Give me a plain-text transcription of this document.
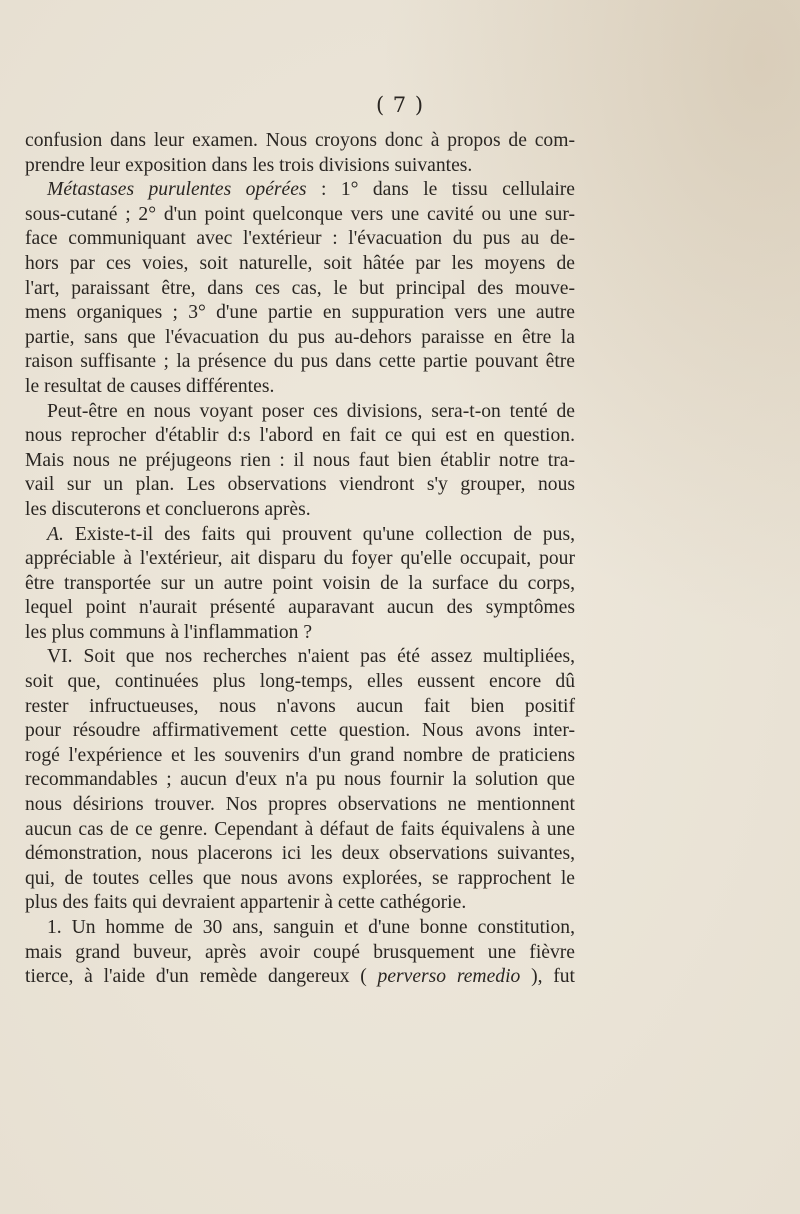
( 7 )
confusion dans leur examen. Nous croyons donc à propos de com-
prendre leur exposition dans les trois divisions suivantes.
Métastases purulentes opérées : 1° dans le tissu cellulaire
sous-cutané ; 2° d'un point quelconque vers une cavité ou une sur-
face communiquant avec l'extérieur : l'évacuation du pus au de-
hors par ces voies, soit naturelle, soit hâtée par les moyens de
l'art, paraissant être, dans ces cas, le but principal des mouve-
mens organiques ; 3° d'une partie en suppuration vers une autre
partie, sans que l'évacuation du pus au-dehors paraisse en être la
raison suffisante ; la présence du pus dans cette partie pouvant être
le resultat de causes différentes.
Peut-être en nous voyant poser ces divisions, sera-t-on tenté de
nous reprocher d'établir d:s l'abord en fait ce qui est en question.
Mais nous ne préjugeons rien : il nous faut bien établir notre tra-
vail sur un plan. Les observations viendront s'y grouper, nous
les discuterons et concluerons après.
A. Existe-t-il des faits qui prouvent qu'une collection de pus,
appréciable à l'extérieur, ait disparu du foyer qu'elle occupait, pour
être transportée sur un autre point voisin de la surface du corps,
lequel point n'aurait présenté auparavant aucun des symptômes
les plus communs à l'inflammation ?
VI. Soit que nos recherches n'aient pas été assez multipliées,
soit que, continuées plus long-temps, elles eussent encore dû
rester infructueuses, nous n'avons aucun fait bien positif
pour résoudre affirmativement cette question. Nous avons inter-
rogé l'expérience et les souvenirs d'un grand nombre de praticiens
recommandables ; aucun d'eux n'a pu nous fournir la solution que
nous désirions trouver. Nos propres observations ne mentionnent
aucun cas de ce genre. Cependant à défaut de faits équivalens à une
démonstration, nous placerons ici les deux observations suivantes,
qui, de toutes celles que nous avons explorées, se rapprochent le
plus des faits qui devraient appartenir à cette cathégorie.
1. Un homme de 30 ans, sanguin et d'une bonne constitution,
mais grand buveur, après avoir coupé brusquement une fièvre
tierce, à l'aide d'un remède dangereux ( perverso remedio ), fut
